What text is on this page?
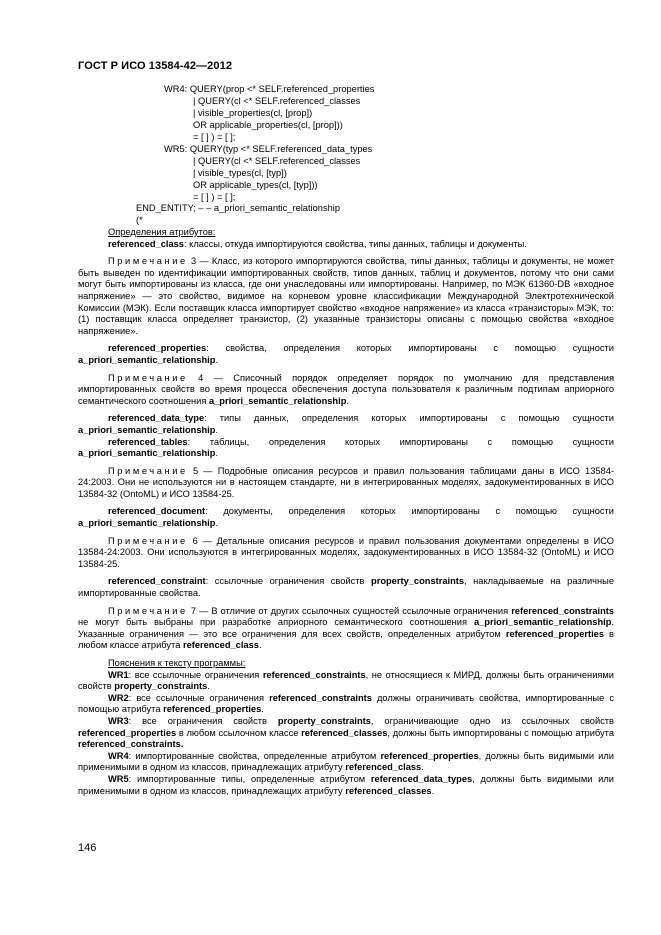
ГОСТ Р ИСО 13584-42—2012
WR4: QUERY(prop <* SELF.referenced_properties
| QUERY(cl <* SELF.referenced_classes
| visible_properties(cl, [prop])
OR applicable_properties(cl, [prop]))
= [ ] ) = [ ];
WR5: QUERY(typ <* SELF.referenced_data_types
| QUERY(cl <* SELF.referenced_classes
| visible_types(cl, [typ])
OR applicable_types(cl, [typ]))
= [ ] ) = [ ];
END_ENTITY; – – a_priori_semantic_relationship
(*

Определения атрибутов:

referenced_class: классы, откуда импортируются свойства, типы данных, таблицы и документы.

Примечание 3 — Класс, из которого импортируются свойства, типы данных, таблицы и документы, не может быть выведен по идентификации импортированных свойств, типов данных, таблиц и документов, потому что они сами могут быть импортированы из класса, где они унаследованы или импортированы. Например, по МЭК 61360-DB «входное напряжение» — это свойство, видимое на корневом уровне классификации Международной Электротехнической Комиссии (МЭК). Если поставщик класса импортирует свойство «входное напряжение» из класса «транзисторы» МЭК, то: (1) поставщик класса определяет транзистор, (2) указанные транзисторы описаны с помощью свойства «входное напряжение».

referenced_properties: свойства, определения которых импортированы с помощью сущности a_priori_semantic_relationship.

Примечание 4 — Списочный порядок определяет порядок по умолчанию для представления импортированных свойств во время процесса обеспечения доступа пользователя к различным подтипам априорного семантического соотношения a_priori_semantic_relationship.

referenced_data_type: типы данных, определения которых импортированы с помощью сущности a_priori_semantic_relationship.

referenced_tables: таблицы, определения которых импортированы с помощью сущности a_priori_semantic_relationship.

Примечание 5 — Подробные описания ресурсов и правил пользования таблицами даны в ИСО 13584-24:2003. Они не используются ни в настоящем стандарте, ни в интегрированных моделях, задокументированных в ИСО 13584-32 (OntoML) и ИСО 13584-25.

referenced_document: документы, определения которых импортированы с помощью сущности a_priori_semantic_relationship.

Примечание 6 — Детальные описания ресурсов и правил пользования документами определены в ИСО 13584-24:2003. Они используются в интегрированных моделях, задокументированных в ИСО 13584-32 (OntoML) и ИСО 13584-25.

referenced_constraint: ссылочные ограничения свойств property_constraints, накладываемые на различные импортированные свойства.

Примечание 7 — В отличие от других ссылочных сущностей ссылочные ограничения referenced_constraints не могут быть выбраны при разработке априорного семантического соотношения a_priori_semantic_relationship. Указанные ограничения — это все ограничения для всех свойств, определенных атрибутом referenced_properties в любом классе атрибута referenced_class.

Пояснения к тексту программы:

WR1: все ссылочные ограничения referenced_constraints, не относящиеся к МИРД, должны быть ограничениями свойств property_constraints.

WR2: все ссылочные ограничения referenced_constraints должны ограничивать свойства, импортированные с помощью атрибута referenced_properties.

WR3: все ограничения свойств property_constraints, ограничивающие одно из ссылочных свойств referenced_properties в любом ссылочном классе referenced_classes, должны быть импортированы с помощью атрибута referenced_constraints.

WR4: импортированные свойства, определенные атрибутом referenced_properties, должны быть видимыми или применимыми в одном из классов, принадлежащих атрибуту referenced_class.

WR5: импортированные типы, определенные атрибутом referenced_data_types, должны быть видимыми или применимыми в одном из классов, принадлежащих атрибуту referenced_classes.

146
